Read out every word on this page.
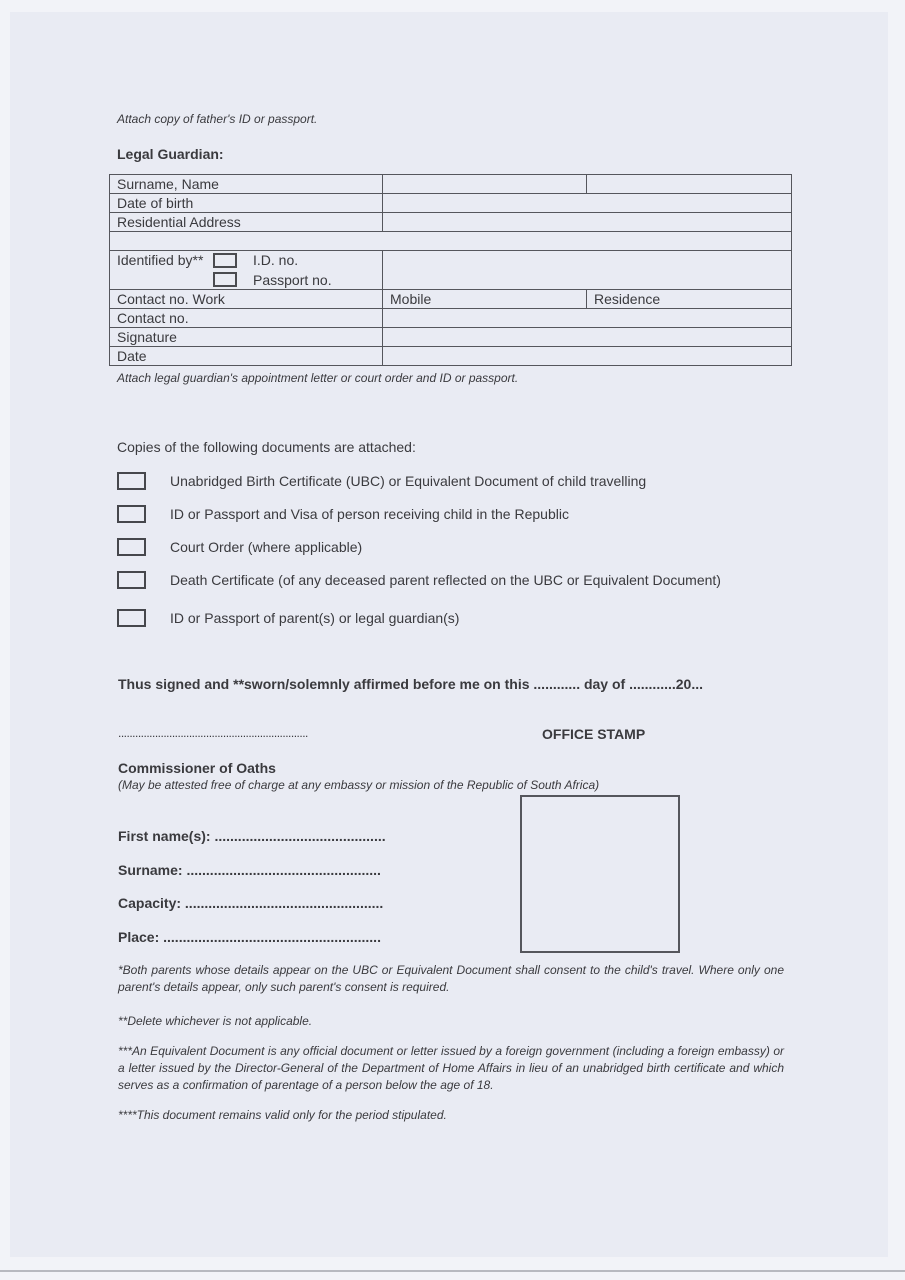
Attach copy of father's ID or passport.
Legal Guardian:
Surname, Name		
Date of birth		
Residential Address		

Identified by** I.D. no.
Passport no.		

Contact no. Work	Mobile	Residence
Contact no.		
Signature		
Date		
Attach legal guardian's appointment letter or court order and ID or passport.
Copies of the following documents are attached:
Unabridged Birth Certificate (UBC) or Equivalent Document of child travelling
ID or Passport and Visa of person receiving child in the Republic
Court Order (where applicable)
Death Certificate (of any deceased parent reflected on the UBC or Equivalent Document)
ID or Passport of parent(s) or legal guardian(s)
Thus signed and **sworn/solemnly affirmed before me on this ............ day of ............20...
...................................................................	OFFICE STAMP
Commissioner of Oaths
(May be attested free of charge at any embassy or mission of the Republic of South Africa)
First name(s): ............................................
Surname: ..................................................
Capacity: ...................................................
Place: ........................................................
*Both parents whose details appear on the UBC or Equivalent Document shall consent to the child's travel. Where only one parent's details appear, only such parent's consent is required.
**Delete whichever is not applicable.
***An Equivalent Document is any official document or letter issued by a foreign government (including a foreign embassy) or a letter issued by the Director-General of the Department of Home Affairs in lieu of an unabridged birth certificate and which serves as a confirmation of parentage of a person below the age of 18.
****This document remains valid only for the period stipulated.
